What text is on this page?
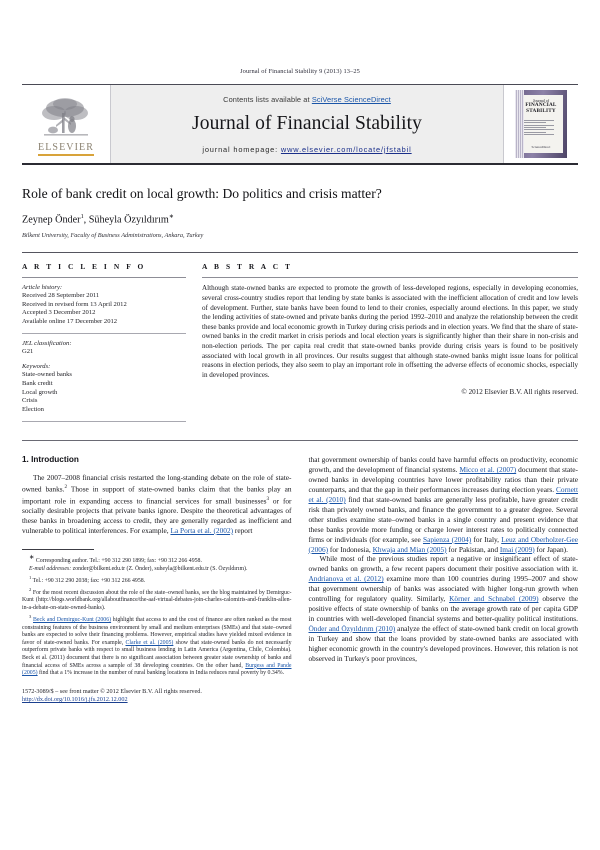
Journal of Financial Stability 9 (2013) 13–25
ELSEVIER
Contents lists available at SciVerse ScienceDirect
Journal of Financial Stability
journal homepage: www.elsevier.com/locate/jfstabil
Journal of
FINANCIAL
STABILITY
ScienceDirect
Role of bank credit on local growth: Do politics and crisis matter?
Zeynep Önder$^1$, Süheyla Özyıldırım∗
Bilkent University, Faculty of Business Administrations, Ankara, Turkey
A R T I C L E I N F O
Article history:
Received 28 September 2011
Received in revised form 13 April 2012
Accepted 3 December 2012
Available online 17 December 2012
JEL classification:
G21
Keywords:
State-owned banks
Bank credit
Local growth
Crisis
Election
A B S T R A C T

Although state-owned banks are expected to promote the growth of less-developed regions, especially in developing economies, several cross-country studies report that lending by state banks is associated with the inefficient allocation of credit and low levels of development. Further, state banks have been found to lend to their cronies, especially around elections. In this paper, we study the lending activities of state-owned and private banks during the period 1992–2010 and analyze the relationship between the credit these banks provide and local economic growth in Turkey during crisis periods and in election years. We find that the share of state-owned banks in the credit market in crisis periods and local election years is significantly higher than their share in non-crisis and non-election periods. The per capita real credit that state-owned banks provide during crisis years is found to be positively associated with local growth in all provinces. Our results suggest that although state-owned banks might issue loans for political reasons in election periods, they also seem to play an important role in offsetting the adverse effects of economic shocks, especially in developed provinces.

© 2012 Elsevier B.V. All rights reserved.
1. Introduction

The 2007–2008 financial crisis restarted the long-standing debate on the role of state-owned banks.$^2$ Those in support of state-owned banks claim that the banks play an important role in expanding access to financial services for small businesses$^3$ or for socially desirable projects that private banks ignore. Despite the theoretical advantages of these banks in broadening access to credit, they are generally regarded as inefficient and vulnerable to political interferences. For example, La Porta et al. (2002) report

∗ Corresponding author. Tel.: +90 312 290 1899; fax: +90 312 266 4958.

E-mail addresses: zonder@bilkent.edu.tr (Z. Önder), suheyla@bilkent.edu.tr (S. Özyıldırım).

$^1$ Tel.: +90 312 290 2038; fax: +90 312 266 4958.

$^2$ For the most recent discussion about the role of the state–owned banks, see the blog maintained by Demirguc-Kunt (http://blogs.worldbank.org/allaboutfinance/the-aaf-virtual-debates-join-charles-calomiris-and-franklin-allen-in-a-debate-on-state-owned-banks).

$^3$ Beck and Demirguc-Kunt (2006) highlight that access to and the cost of finance are often ranked as the most constraining features of the business environment by small and medium enterprises (SMEs) and that state–owned banks are expected to solve their financing problems. However, empirical studies have yielded mixed evidence in favor of state-owned banks. For example, Clarke et al. (2005) show that state-owned banks do not necessarily outperform private banks with respect to small business lending in Latin America (Argentina, Chile, Colombia). Beck et al. (2011) document that there is no significant association between greater state ownership of banks and financial access of SMEs across a sample of 38 developing countries. On the other hand, Burgess and Pande (2005) find that a 1% increase in the number of rural banking locations in India reduces rural poverty by 0.34%.

1572-3089/$ – see front matter © 2012 Elsevier B.V. All rights reserved.
http://dx.doi.org/10.1016/j.jfs.2012.12.002

that government ownership of banks could have harmful effects on productivity, economic growth, and the development of financial systems. Micco et al. (2007) document that state-owned banks in developing countries have lower profitability ratios than their private counterparts, and that the gap in their performances increases during election years. Cornett et al. (2010) find that state-owned banks are generally less profitable, have greater credit risk than privately owned banks, and finance the government to a greater degree. Several other studies examine state–owned banks in a single country and present evidence that these banks provide more funding or charge lower interest rates to politically connected firms or individuals (for example, see Sapienza (2004) for Italy, Leuz and Oberholzer-Gee (2006) for Indonesia, Khwaja and Mian (2005) for Pakistan, and Imai (2009) for Japan).

While most of the previous studies report a negative or insignificant effect of state-owned banks on growth, a few recent papers document their positive association with it. Andrianova et al. (2012) examine more than 100 countries during 1995–2007 and show that government ownership of banks was associated with higher long-run growth when controlling for regulatory quality. Similarly, Körner and Schnabel (2009) observe the positive effects of state ownership of banks on the average growth rate of per capita GDP in countries with well-developed financial systems and better-quality political institutions. Önder and Özyıldırım (2010) analyze the effect of state-owned bank credit on local growth in Turkey and show that the loans provided by state-owned banks are associated with higher economic growth in the country's developed provinces. However, this relation is not observed in Turkey's poor provinces,
